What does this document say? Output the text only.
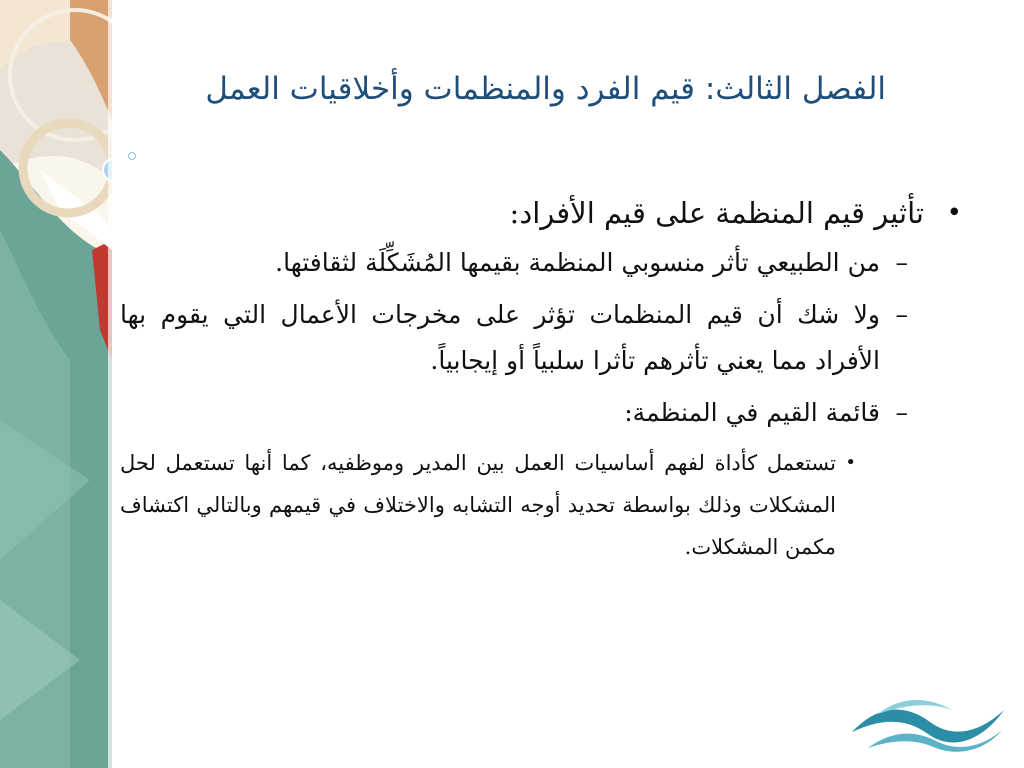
الفصل الثالث: قيم الفرد والمنظمات وأخلاقيات العمل
•
تأثير قيم المنظمة على قيم الأفراد:
–
من الطبيعي تأثر منسوبي المنظمة بقيمها المُشَكِّلَة لثقافتها.
–
ولا شك أن قيم المنظمات تؤثر على مخرجات الأعمال التي يقوم بها الأفراد مما يعني تأثرهم تأثرا سلبياً أو إيجابياً.
–
قائمة القيم في المنظمة:
•
تستعمل كأداة لفهم أساسيات العمل بين المدير وموظفيه، كما أنها تستعمل لحل المشكلات وذلك بواسطة تحديد أوجه التشابه والاختلاف في قيمهم وبالتالي اكتشاف مكمن المشكلات.
